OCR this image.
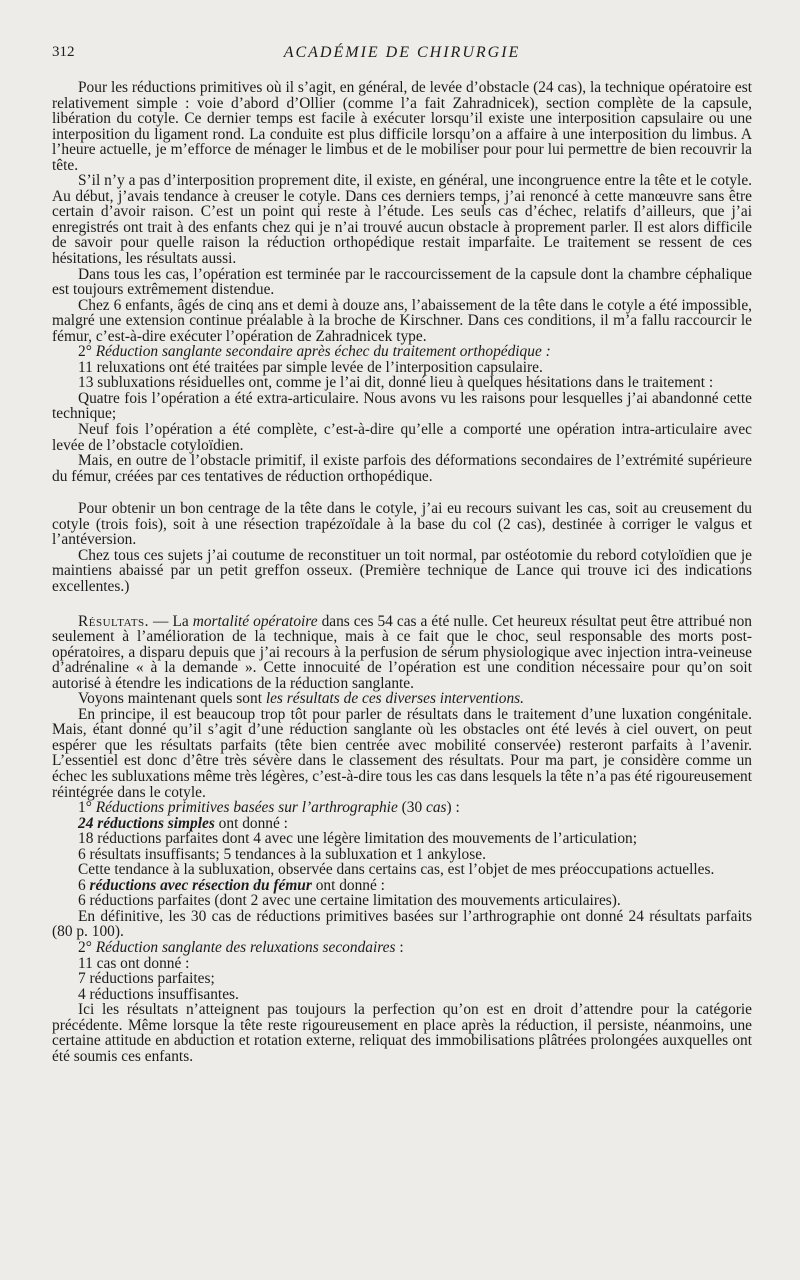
312	ACADÉMIE DE CHIRURGIE

Pour les réductions primitives où il s’agit, en général, de levée d’obstacle (24 cas), la technique opératoire est relativement simple : voie d’abord d’Ollier (comme l’a fait Zahradnicek), section complète de la capsule, libération du cotyle. Ce dernier temps est facile à exécuter lorsqu’il existe une interposition capsulaire ou une interposition du ligament rond. La conduite est plus difficile lorsqu’on a affaire à une interposition du limbus. A l’heure actuelle, je m’efforce de ménager le limbus et de le mobiliser pour pour lui permettre de bien recouvrir la tête.

S’il n’y a pas d’interposition proprement dite, il existe, en général, une incongruence entre la tête et le cotyle. Au début, j’avais tendance à creuser le cotyle. Dans ces derniers temps, j’ai renoncé à cette manœuvre sans être certain d’avoir raison. C’est un point qui reste à l’étude. Les seuls cas d’échec, relatifs d’ailleurs, que j’ai enregistrés ont trait à des enfants chez qui je n’ai trouvé aucun obstacle à proprement parler. Il est alors difficile de savoir pour quelle raison la réduction orthopédique restait imparfaite. Le traitement se ressent de ces hésitations, les résultats aussi.

Dans tous les cas, l’opération est terminée par le raccourcissement de la capsule dont la chambre céphalique est toujours extrêmement distendue.

Chez 6 enfants, âgés de cinq ans et demi à douze ans, l’abaissement de la tête dans le cotyle a été impossible, malgré une extension continue préalable à la broche de Kirschner. Dans ces conditions, il m’a fallu raccourcir le fémur, c’est-à-dire exécuter l’opération de Zahradnicek type.

2° Réduction sanglante secondaire après échec du traitement orthopédique :

11 reluxations ont été traitées par simple levée de l’interposition capsulaire.

13 subluxations résiduelles ont, comme je l’ai dit, donné lieu à quelques hésitations dans le traitement :

Quatre fois l’opération a été extra-articulaire. Nous avons vu les raisons pour lesquelles j’ai abandonné cette technique;

Neuf fois l’opération a été complète, c’est-à-dire qu’elle a comporté une opération intra-articulaire avec levée de l’obstacle cotyloïdien.

Mais, en outre de l’obstacle primitif, il existe parfois des déformations secondaires de l’extrémité supérieure du fémur, créées par ces tentatives de réduction orthopédique.

Pour obtenir un bon centrage de la tête dans le cotyle, j’ai eu recours suivant les cas, soit au creusement du cotyle (trois fois), soit à une résection trapézoïdale à la base du col (2 cas), destinée à corriger le valgus et l’antéversion.

Chez tous ces sujets j’ai coutume de reconstituer un toit normal, par ostéotomie du rebord cotyloïdien que je maintiens abaissé par un petit greffon osseux. (Première technique de Lance qui trouve ici des indications excellentes.)

Résultats. — La mortalité opératoire dans ces 54 cas a été nulle. Cet heureux résultat peut être attribué non seulement à l’amélioration de la technique, mais à ce fait que le choc, seul responsable des morts post-opératoires, a disparu depuis que j’ai recours à la perfusion de sérum physiologique avec injection intra-veineuse d’adrénaline « à la demande ». Cette innocuité de l’opération est une condition nécessaire pour qu’on soit autorisé à étendre les indications de la réduction sanglante.

Voyons maintenant quels sont les résultats de ces diverses interventions.

En principe, il est beaucoup trop tôt pour parler de résultats dans le traitement d’une luxation congénitale. Mais, étant donné qu’il s’agit d’une réduction sanglante où les obstacles ont été levés à ciel ouvert, on peut espérer que les résultats parfaits (tête bien centrée avec mobilité conservée) resteront parfaits à l’avenir. L’essentiel est donc d’être très sévère dans le classement des résultats. Pour ma part, je considère comme un échec les subluxations même très légères, c’est-à-dire tous les cas dans lesquels la tête n’a pas été rigoureusement réintégrée dans le cotyle.

1° Réductions primitives basées sur l’arthrographie (30 cas) :

24 réductions simples ont donné :

18 réductions parfaites dont 4 avec une légère limitation des mouvements de l’articulation;

6 résultats insuffisants; 5 tendances à la subluxation et 1 ankylose.

Cette tendance à la subluxation, observée dans certains cas, est l’objet de mes préoccupations actuelles.

6 réductions avec résection du fémur ont donné :

6 réductions parfaites (dont 2 avec une certaine limitation des mouvements articulaires).

En définitive, les 30 cas de réductions primitives basées sur l’arthrographie ont donné 24 résultats parfaits (80 p. 100).

2° Réduction sanglante des reluxations secondaires :

11 cas ont donné :

7 réductions parfaites;

4 réductions insuffisantes.

Ici les résultats n’atteignent pas toujours la perfection qu’on est en droit d’attendre pour la catégorie précédente. Même lorsque la tête reste rigoureusement en place après la réduction, il persiste, néanmoins, une certaine attitude en abduction et rotation externe, reliquat des immobilisations plâtrées prolongées auxquelles ont été soumis ces enfants.
